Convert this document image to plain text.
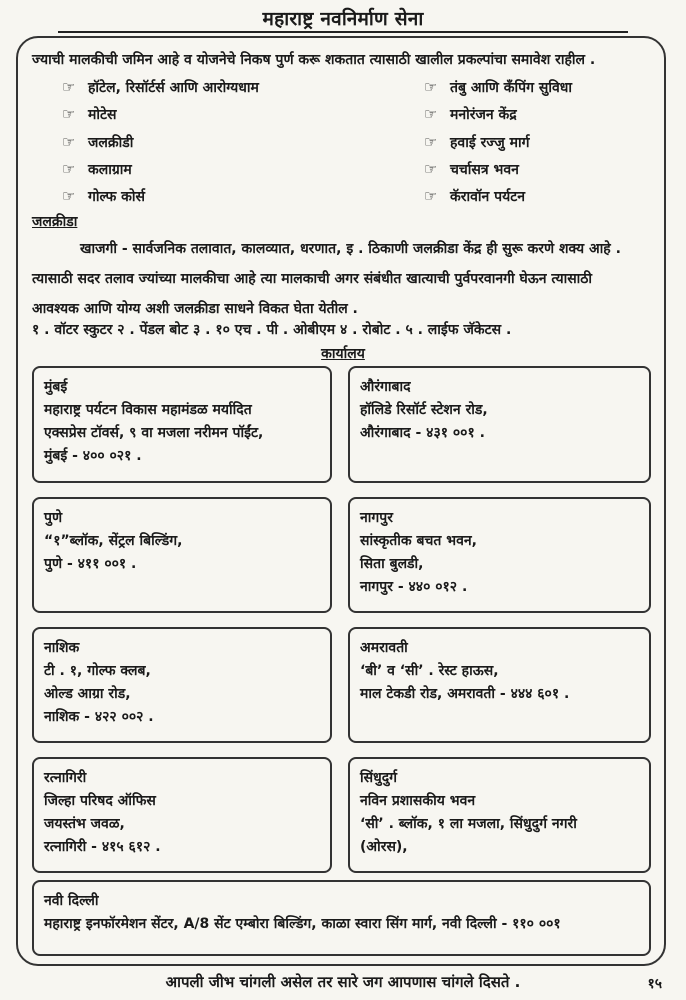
महाराष्ट्र नवनिर्माण सेना
ज्याची मालकीची जमिन आहे व योजनेचे निकष पुर्ण करू शकतात त्यासाठी खालील प्रकल्पांचा समावेश राहील .
☞ हॉटेल, रिसॉर्टर्स आणि आरोग्यधाम
☞ मोटेस
☞ जलक्रीडी
☞ कलाग्राम
☞ गोल्फ कोर्स
☞ तंबु आणि कॅंपिंग सुविधा
☞ मनोरंजन केंद्र
☞ हवाई रज्जु मार्ग
☞ चर्चासत्र भवन
☞ कॅरावॉन पर्यटन
जलक्रीडा
खाजगी - सार्वजनिक तलावात, कालव्यात, धरणात, इ . ठिकाणी जलक्रीडा केंद्र ही सुरू करणे शक्य आहे . त्यासाठी सदर तलाव ज्यांच्या मालकीचा आहे त्या मालकाची अगर संबंधीत खात्याची पुर्वपरवानगी घेऊन त्यासाठी आवश्यक आणि योग्य अशी जलक्रीडा साधने विकत घेता येतील .
१ . वॉटर स्कुटर २ . पेंडल बोट ३ . १० एच . पी . ओबीएम ४ . रोबोट . ५ . लाईफ जॅकेटस .
कार्यालय
मुंबई
महाराष्ट्र पर्यटन विकास महामंडळ मर्यादित
एक्सप्रेस टॉवर्स, ९ वा मजला नरीमन पॉईंट,
मुंबई - ४०० ०२१ .
औरंगाबाद
हॉलिडे रिसॉर्ट स्टेशन रोड,
औरंगाबाद - ४३१ ००१ .
पुणे
“१”ब्लॉक, सेंट्रल बिल्डिंग,
पुणे - ४११ ००१ .
नागपुर
सांस्कृतीक बचत भवन,
सिता बुलडी,
नागपुर - ४४० ०१२ .
नाशिक
टी . १, गोल्फ क्लब,
ओल्ड आग्रा रोड,
नाशिक - ४२२ ००२ .
अमरावती
‘बी’ व ‘सी’ . रेस्ट हाऊस,
माल टेकडी रोड, अमरावती - ४४४ ६०१ .
रत्नागिरी
जिल्हा परिषद ऑफिस
जयस्तंभ जवळ,
रत्नागिरी - ४१५ ६१२ .
सिंधुदुर्ग
नविन प्रशासकीय भवन
‘सी’ . ब्लॉक, १ ला मजला, सिंधुदुर्ग नगरी
(ओरस),
नवी दिल्ली
महाराष्ट्र इनफॉरमेशन सेंटर, A/8 सेंट एम्बोरा बिल्डिंग, काळा स्वारा सिंग मार्ग, नवी दिल्ली - ११० ००१
आपली जीभ चांगली असेल तर सारे जग आपणास चांगले दिसते .	१५
